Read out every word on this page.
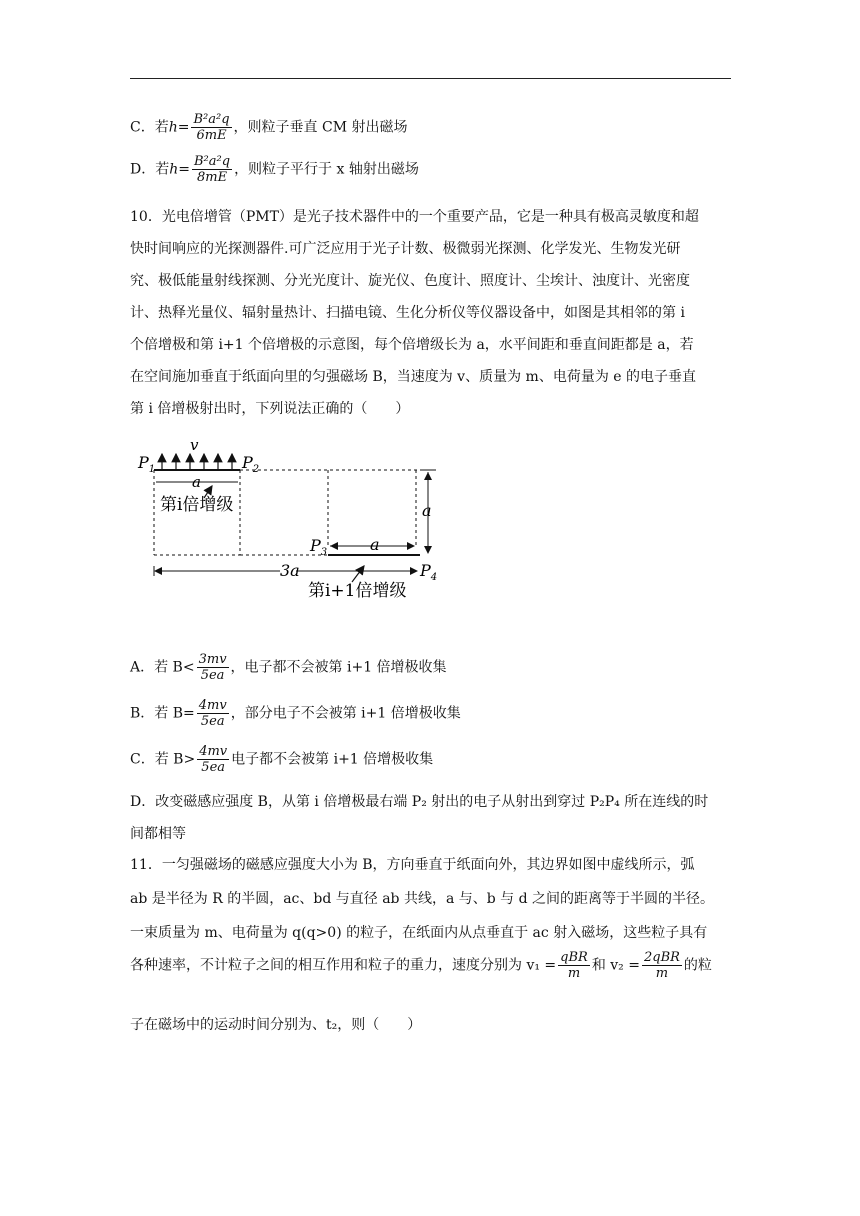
C．若$h= \frac{\text{B²a²q}}{6mE}$ ，则粒子垂直 CM 射出磁场
D．若$h= \frac{\text{B²a²q}}{8mE}$ ，则粒子平行于 x 轴射出磁场
10．光电倍增管（PMT）是光子技术器件中的一个重要产品，它是一种具有极高灵敏度和超
快时间响应的光探测器件.可广泛应用于光子计数、极微弱光探测、化学发光、生物发光研
究、极低能量射线探测、分光光度计、旋光仪、色度计、照度计、尘埃计、浊度计、光密度
计、热释光量仪、辐射量热计、扫描电镜、生化分析仪等仪器设备中，如图是其相邻的第 i
个倍增极和第 i+1 个倍增极的示意图，每个倍增级长为 a，水平间距和垂直间距都是 a，若
在空间施加垂直于纸面向里的匀强磁场 B，当速度为 v、质量为 m、电荷量为 e 的电子垂直
第 i 倍增极射出时，下列说法正确的（　　）
v
$P_1$	$P_2$
a
第i倍增级	a
$P_3$	a
$P_4$
3a
第i+1倍增级
A．若 $B< \frac{3mv}{5ea}$ ，电子都不会被第 i+1 倍增极收集
B．若 $B= \frac{4mv}{5ea}$ ，部分电子不会被第 i+1 倍增极收集
C．若 $B> \frac{4mv}{5ea}$ 电子都不会被第 i+1 倍增极收集
D．改变磁感应强度 B，从第 i 倍增极最右端 P₂ 射出的电子从射出到穿过 P₂P₄ 所在连线的时
间都相等
11．一匀强磁场的磁感应强度大小为 B，方向垂直于纸面向外，其边界如图中虚线所示，弧
ab 是半径为 R 的半圆，ac、bd 与直径 ab 共线，a 与、b 与 d 之间的距离等于半圆的半径。
一束质量为 m、电荷量为 q(q>0) 的粒子，在纸面内从点垂直于 ac 射入磁场，这些粒子具有
各种速率，不计粒子之间的相互作用和粒子的重力，速度分别为 $v_1 = \frac{\text{qBR}}{m}$ 和 $v_2 = \frac{\text{2qBR}}{m}$ 的粒
子在磁场中的运动时间分别为、t₂，则（　　）
